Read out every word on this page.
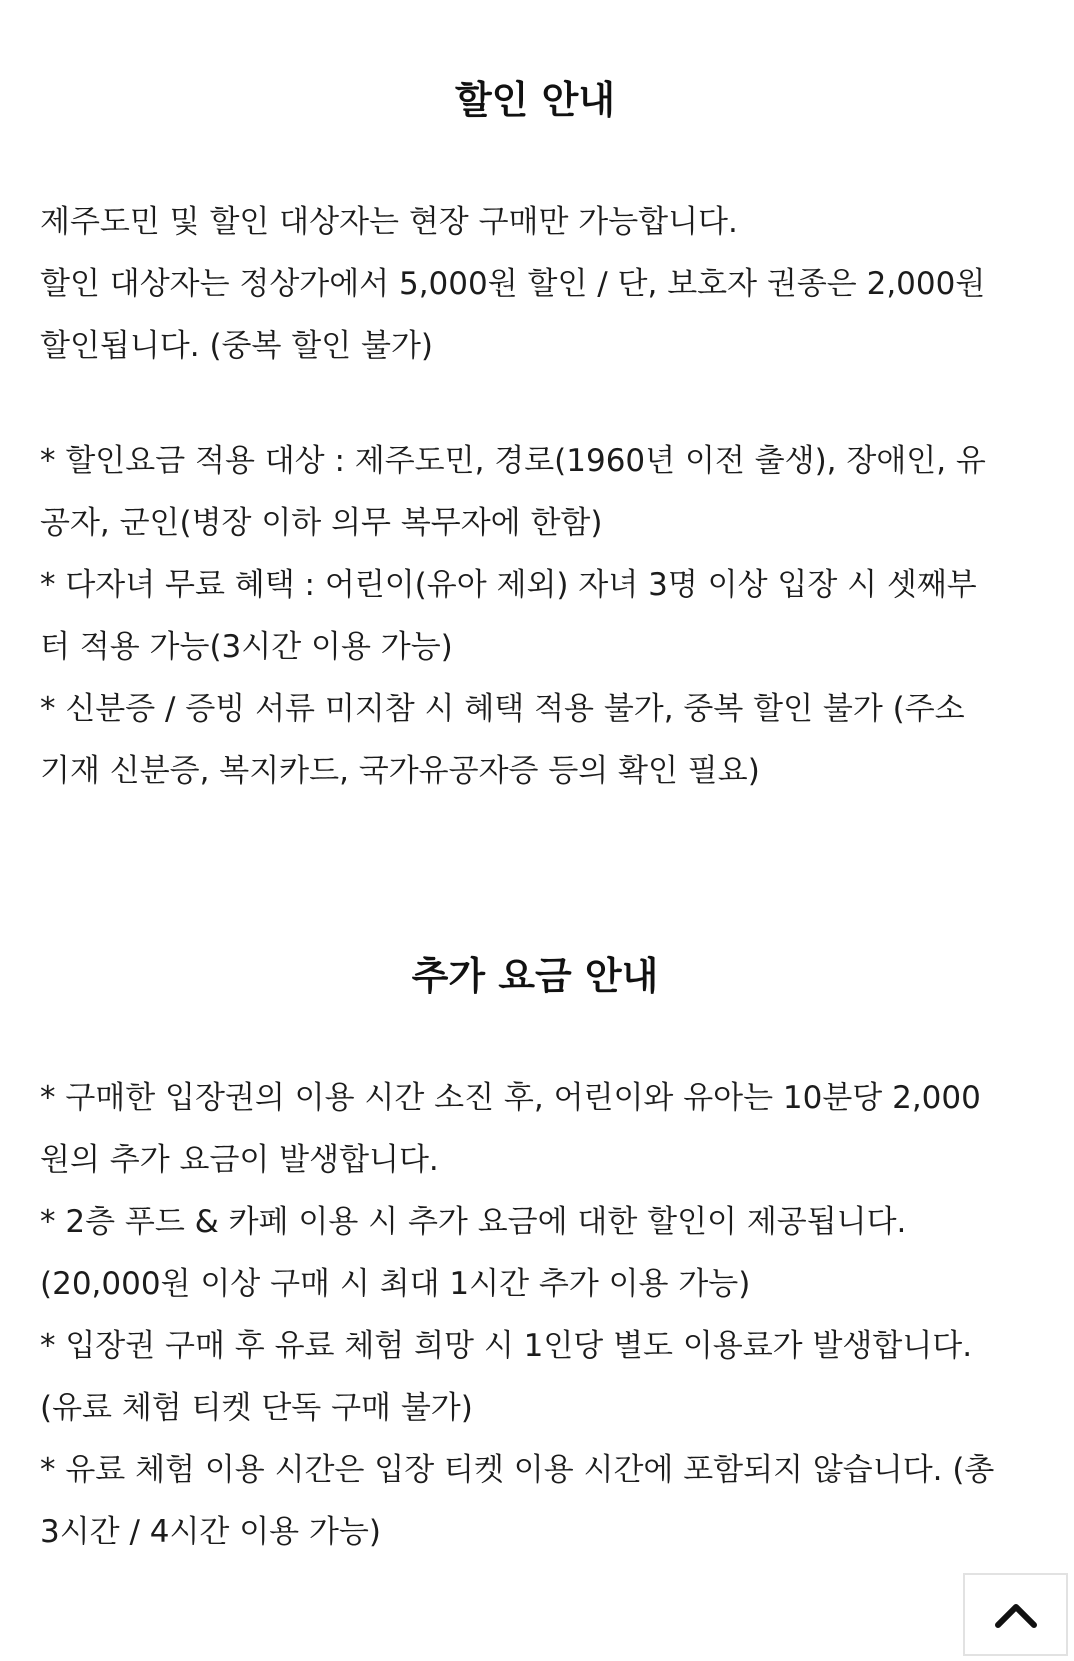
할인 안내

제주도민 및 할인 대상자는 현장 구매만 가능합니다.
할인 대상자는 정상가에서 5,000원 할인 / 단, 보호자 권종은 2,000원
할인됩니다. (중복 할인 불가)

* 할인요금 적용 대상 : 제주도민, 경로(1960년 이전 출생), 장애인, 유
공자, 군인(병장 이하 의무 복무자에 한함)
* 다자녀 무료 혜택 : 어린이(유아 제외) 자녀 3명 이상 입장 시 셋째부
터 적용 가능(3시간 이용 가능)
* 신분증 / 증빙 서류 미지참 시 혜택 적용 불가, 중복 할인 불가 (주소
기재 신분증, 복지카드, 국가유공자증 등의 확인 필요)

추가 요금 안내

* 구매한 입장권의 이용 시간 소진 후, 어린이와 유아는 10분당 2,000
원의 추가 요금이 발생합니다.
* 2층 푸드 & 카페 이용 시 추가 요금에 대한 할인이 제공됩니다.
(20,000원 이상 구매 시 최대 1시간 추가 이용 가능)
* 입장권 구매 후 유료 체험 희망 시 1인당 별도 이용료가 발생합니다.
(유료 체험 티켓 단독 구매 불가)
* 유료 체험 이용 시간은 입장 티켓 이용 시간에 포함되지 않습니다. (총
3시간 / 4시간 이용 가능)
